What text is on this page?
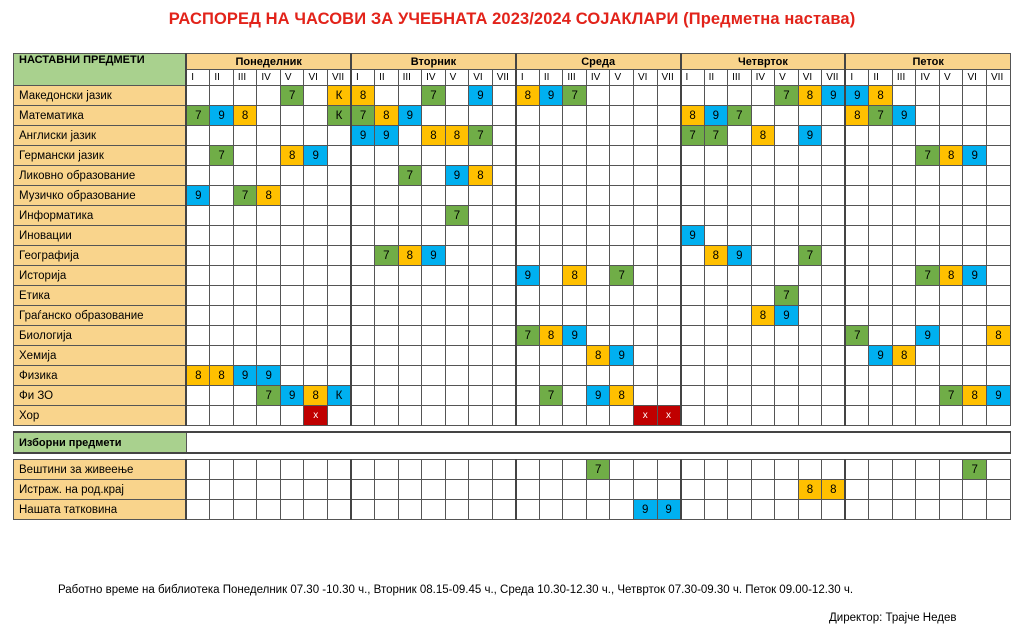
РАСПОРЕД НА ЧАСОВИ ЗА УЧЕБНАТА 2023/2024 СОЈАКЛАРИ (Предметна настава)
НАСТАВНИ ПРЕДМЕТИ	Понеделник							Вторник							Среда							Четврток							Петок						
	I	II	III	IV	V	VI	VII	I	II	III	IV	V	VI	VII	I	II	III	IV	V	VI	VII	I	II	III	IV	V	VI	VII	I	II	III	IV	V	VI	VII
Македонски јазик					7		К	8			7		9		8	9	7									7	8	9	9	8					
Математика	7	9	8				К	7	8	9												8	9	7					8	7	9				
Англиски јазик								9	9		8	8	7									7	7		8		9								
Германски јазик		7			8	9																										7	8	9	
Ликовно образование										7		9	8																						
Музичко образование	9		7	8																															
Информатика												7																							
Иновации																						9													
Географија									7	8	9												8	9			7								
Историја															9		8		7													7	8	9	
Етика																										7									
Граѓанско образование																									8	9									
Биологија															7	8	9												7			9			8
Хемија																		8	9											9	8				
Физика	8	8	9	9																															
Фи ЗО				7	9	8	К									7		9	8														7	8	9
Хор						x														x	x														

Изборни предмети																																			

Вештини за живеење																		7																7	
Истраж. на род.крај																											8	8							
Нашата татковина																				9	9														
Работно време на библиотека Понеделник 07.30 -10.30 ч., Вторник 08.15-09.45 ч., Среда 10.30-12.30 ч., Четврток 07.30-09.30 ч. Петок 09.00-12.30 ч.
Директор: Трајче Недев
